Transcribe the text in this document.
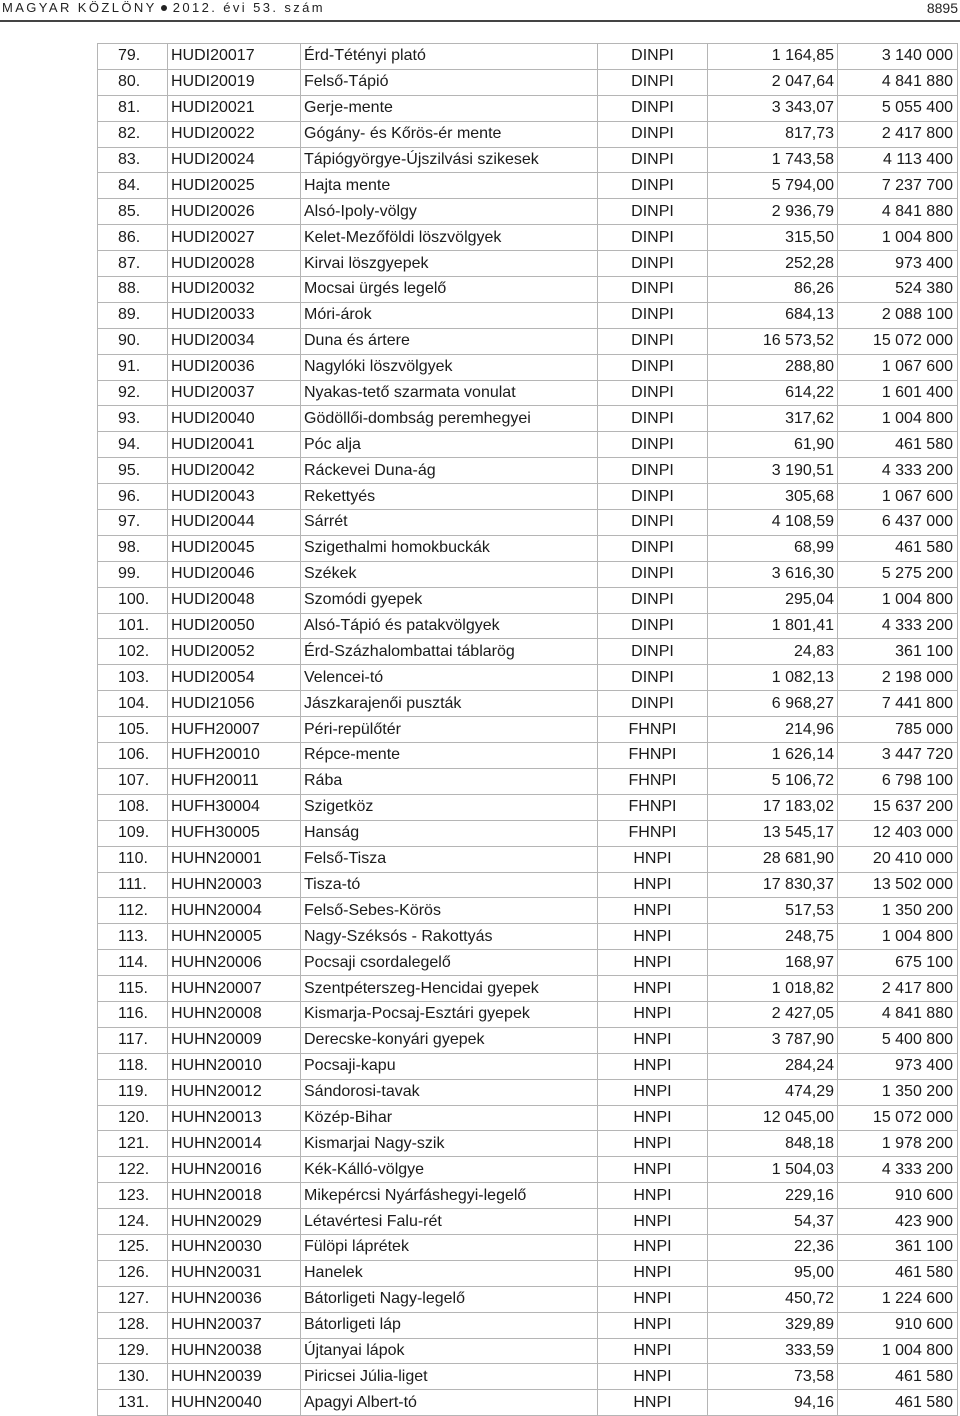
MAGYAR KÖZLÖNY 2012. évi 53. szám	8895
79.	HUDI20017	Érd-Tétényi plató	DINPI	1 164,85	3 140 000
80.	HUDI20019	Felső-Tápió	DINPI	2 047,64	4 841 880
81.	HUDI20021	Gerje-mente	DINPI	3 343,07	5 055 400
82.	HUDI20022	Gógány- és Kőrös-ér mente	DINPI	817,73	2 417 800
83.	HUDI20024	Tápiógyörgye-Újszilvási szikesek	DINPI	1 743,58	4 113 400
84.	HUDI20025	Hajta mente	DINPI	5 794,00	7 237 700
85.	HUDI20026	Alsó-Ipoly-völgy	DINPI	2 936,79	4 841 880
86.	HUDI20027	Kelet-Mezőföldi löszvölgyek	DINPI	315,50	1 004 800
87.	HUDI20028	Kirvai löszgyepek	DINPI	252,28	973 400
88.	HUDI20032	Mocsai ürgés legelő	DINPI	86,26	524 380
89.	HUDI20033	Móri-árok	DINPI	684,13	2 088 100
90.	HUDI20034	Duna és ártere	DINPI	16 573,52	15 072 000
91.	HUDI20036	Nagylóki löszvölgyek	DINPI	288,80	1 067 600
92.	HUDI20037	Nyakas-tető szarmata vonulat	DINPI	614,22	1 601 400
93.	HUDI20040	Gödöllői-dombság peremhegyei	DINPI	317,62	1 004 800
94.	HUDI20041	Póc alja	DINPI	61,90	461 580
95.	HUDI20042	Ráckevei Duna-ág	DINPI	3 190,51	4 333 200
96.	HUDI20043	Rekettyés	DINPI	305,68	1 067 600
97.	HUDI20044	Sárrét	DINPI	4 108,59	6 437 000
98.	HUDI20045	Szigethalmi homokbuckák	DINPI	68,99	461 580
99.	HUDI20046	Székek	DINPI	3 616,30	5 275 200
100.	HUDI20048	Szomódi gyepek	DINPI	295,04	1 004 800
101.	HUDI20050	Alsó-Tápió és patakvölgyek	DINPI	1 801,41	4 333 200
102.	HUDI20052	Érd-Százhalombattai táblarög	DINPI	24,83	361 100
103.	HUDI20054	Velencei-tó	DINPI	1 082,13	2 198 000
104.	HUDI21056	Jászkarajenői puszták	DINPI	6 968,27	7 441 800
105.	HUFH20007	Péri-repülőtér	FHNPI	214,96	785 000
106.	HUFH20010	Répce-mente	FHNPI	1 626,14	3 447 720
107.	HUFH20011	Rába	FHNPI	5 106,72	6 798 100
108.	HUFH30004	Szigetköz	FHNPI	17 183,02	15 637 200
109.	HUFH30005	Hanság	FHNPI	13 545,17	12 403 000
110.	HUHN20001	Felső-Tisza	HNPI	28 681,90	20 410 000
111.	HUHN20003	Tisza-tó	HNPI	17 830,37	13 502 000
112.	HUHN20004	Felső-Sebes-Körös	HNPI	517,53	1 350 200
113.	HUHN20005	Nagy-Széksós - Rakottyás	HNPI	248,75	1 004 800
114.	HUHN20006	Pocsaji csordalegelő	HNPI	168,97	675 100
115.	HUHN20007	Szentpéterszeg-Hencidai gyepek	HNPI	1 018,82	2 417 800
116.	HUHN20008	Kismarja-Pocsaj-Esztári gyepek	HNPI	2 427,05	4 841 880
117.	HUHN20009	Derecske-konyári gyepek	HNPI	3 787,90	5 400 800
118.	HUHN20010	Pocsaji-kapu	HNPI	284,24	973 400
119.	HUHN20012	Sándorosi-tavak	HNPI	474,29	1 350 200
120.	HUHN20013	Közép-Bihar	HNPI	12 045,00	15 072 000
121.	HUHN20014	Kismarjai Nagy-szik	HNPI	848,18	1 978 200
122.	HUHN20016	Kék-Kálló-völgye	HNPI	1 504,03	4 333 200
123.	HUHN20018	Mikepércsi Nyárfáshegyi-legelő	HNPI	229,16	910 600
124.	HUHN20029	Létavértesi Falu-rét	HNPI	54,37	423 900
125.	HUHN20030	Fülöpi láprétek	HNPI	22,36	361 100
126.	HUHN20031	Hanelek	HNPI	95,00	461 580
127.	HUHN20036	Bátorligeti Nagy-legelő	HNPI	450,72	1 224 600
128.	HUHN20037	Bátorligeti láp	HNPI	329,89	910 600
129.	HUHN20038	Újtanyai lápok	HNPI	333,59	1 004 800
130.	HUHN20039	Piricsei Júlia-liget	HNPI	73,58	461 580
131.	HUHN20040	Apagyi Albert-tó	HNPI	94,16	461 580
